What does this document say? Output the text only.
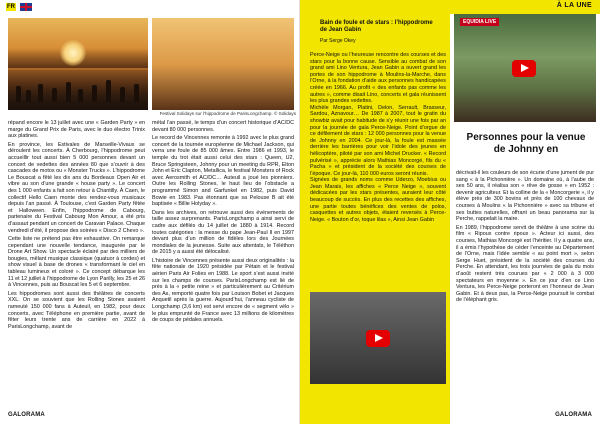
FR
Festival Solidays sur l’hippodrome de ParisLongchamp. © Solidays

répand encore le 13 juillet avec une « Garden Party » en marge du Grand Prix de Paris, avec le duo électro Trinix aux platines.

En province, les Estivales de Marseille-Vivaux se déroulent les concerts. À Cherbourg, l’hippodrome peut accueillir tout aussi bien 5 000 personnes devant un concert de vedettes des années 80 que s’ouvrir à des cascades de motos ou « Monster Trucks ». L’hippodrome Le Bouscat a fêté les dix ans du Bordeaux Open Air et vibre au son d’une grande « house party ». Le concert des 1 000 enfants a fait son retour à Chantilly. À Caen, le collectif Hello Caen monte des rendez-vous musicaux depuis l’an passé. À Toulouse, c’est Garden Party fêtée et Halloween. Enfin, l’hippodrome de Cabourg, partenaire du Festival Cabourg Mon Amour, a été pris d’assaut pendant un concert de Caravan Palace. Chaque vendredi d’été, il propose des soirées « Disco 2 Chevo ».

Cette liste ne prétend pas être exhaustive. On remarque cependant une nouvelle tendance, inaugurée par le Drone Art Show. Un spectacle éclairé par des milliers de bougies, mêlant musique classique (quatuor à cordes) et show visuel à base de drones « transformant le ciel en tableau lumineux et coloré ». Ce concept débarque les 11 et 12 juillet à l’hippodrome de Lyon Parilly, les 25 et 26 à Vincennes, puis au Bouscat les 5 et 6 septembre.

Les hippodromes sont aussi des théâtres de concerts XXL. On se souvient que les Rolling Stones avaient rameuté 150 000 fans à Auteuil, en 1982, pour deux concerts, avec Téléphone en première partie, avant de fêter leurs trente ans de carrière en 2022 à ParisLongchamp, avant de

métal l’an passé, le temps d’un concert historique d’AC/DC devant 80 000 personnes.

Le record de Vincennes remonte à 1992 avec le plus grand concert de la tournée européenne de Michael Jackson, qui verra une foule de 85 000 âmes. Entre 1986 et 1993, le temple du trot était aussi celui des stars : Queen, U2, Bruce Springsteen, Johnny pour un meeting du RPR, Elton John et Eric Clapton, Metallica, le festival Monsters of Rock avec Aerosmith et AC/DC… Auteuil a joué les pionniers. Outre les Rolling Stones, le haut lieu de l’obstacle a programmé Simon and Garfunkel en 1982, puis David Bowie en 1983. Pas étonnant que sa Pelouse B ait été baptisée « Billie Holyday ».

Dans les archives, on retrouve aussi des événements de taille assez surprenants. ParisLongchamp a ainsi servi de cadre aux défilés du 14 juillet de 1880 à 1914. Record toutes catégories : la messe du pape Jean-Paul II en 1997 devant plus d’un million de fidèles lors des Journées mondiales de la jeunesse. Suite aux attentats, le Téléthon de 2015 y a aussi été délocalisé.

L’histoire de Vincennes présente aussi deux originalités : la fête nationale de 1920 présidée par Pétain et le festival aérien Paris Air Folies en 1988. Le sport s’est aussi invité sur les champs de courses. ParisLongchamp est lié de près à la « petite reine » et particulièrement au Critérium des As, remporté quatre fois par Louison Bobet et Jacques Anquetil après la guerre. Aujourd’hui, l’anneau cycliste de Longchamp (3,6 km) est servi encore de « segment vélo » le plus emprunté de France avec 13 millions de kilomètres de coups de pédales annuels.

GALORAMA
À LA UNE
Bain de foule et de stars : l’hippodrome de Jean Gabin
Par Serge Okey

Perce-Neige ou l’heureuse rencontre des courses et des stars pour la bonne cause. Sensible au combat de son grand ami Lino Ventura, Jean Gabin a ouvert grand les portes de son hippodrome à Moulins-la-Marche, dans l’Orne, à la fondation d’aide aux personnes handicapées créée en 1966. Au profit « des enfants pas comme les autres », comme disait Lino, concerts et gala réunissent les plus grandes vedettes.

Michèle Morgan, Platini, Delon, Serrault, Brasseur, Sardou, Aznavour… De 1987 à 2007, tout le gratin du showbiz avait pour habitude de s’y réunir une fois par an pour la journée de gala Perce-Neige. Point d’orgue de ce défilement de stars : 12 000 personnes pour la venue de Johnny en 2004. Ce jour-là, la foule est massée derrière les barrières pour voir l’idole des jeunes en hélicoptère, piloté par son ami Michel Drucker. « Record pulvérisé », apprécie alors Mathias Moncorgé, fils du « Pacha » et président de la société des courses de l’époque. Ce jour-là, 110 000 euros seront réunis.

Signées de grands noms comme Uderzo, Moebius ou Jean Marais, les affiches « Perce Neige », souvent dédicacées par les stars présentes, auraient leur côté beaucoup de succès. En plus des recettes des affiches, une partie toutes bénéfices des ventes de polos, casquettes et autres objets, étaient reversés à Perce-Neige. « Bouton d’or, toque lilas », Ainsi Jean Gabin

EQUIDIA LIVE
Personnes pour la venue de Johnny en

décrivait-il les couleurs de son écurie d’une jument de pur sang « à la Pichonnière ». Un domaine où, à l’aube de ses 50 ans, il réalisa son « rêve de gosse » en 1952 : devenir agriculteur. Et la colline de la « Moncorgerie », il y élève près de 300 bovins et près de 100 chevaux de courses à Moulins « la Pichonnière » avec sa tribune et ses buttes naturelles, offrant un beau panorama sur la Perche, rappelait la maire.

En 1989, l’hippodrome servit de théâtre à une scène du film « Ripoux contre ripoux ». Acteur ici aussi, des courses, Mathias Moncorgé est l’héritier. Il y a quatre ans, il a émis l’hypothèse de céder l’enceinte au Département de l’Orne, mais l’idée semble « au point mort », selon Serge Huet, président de la société des courses du Perche. En attendant, les trois journées de gala du mois d’août restent très courues par « 2 000 à 3 000 spectateurs en moyenne ». En ce jour d’en ce Lino Ventura, les Perce-Neige porteront en l’honneur de Jean Gabin. Et à deux pas, la Perce-Neige poursuit le combat de l’éléphant gris.

GALORAMA
